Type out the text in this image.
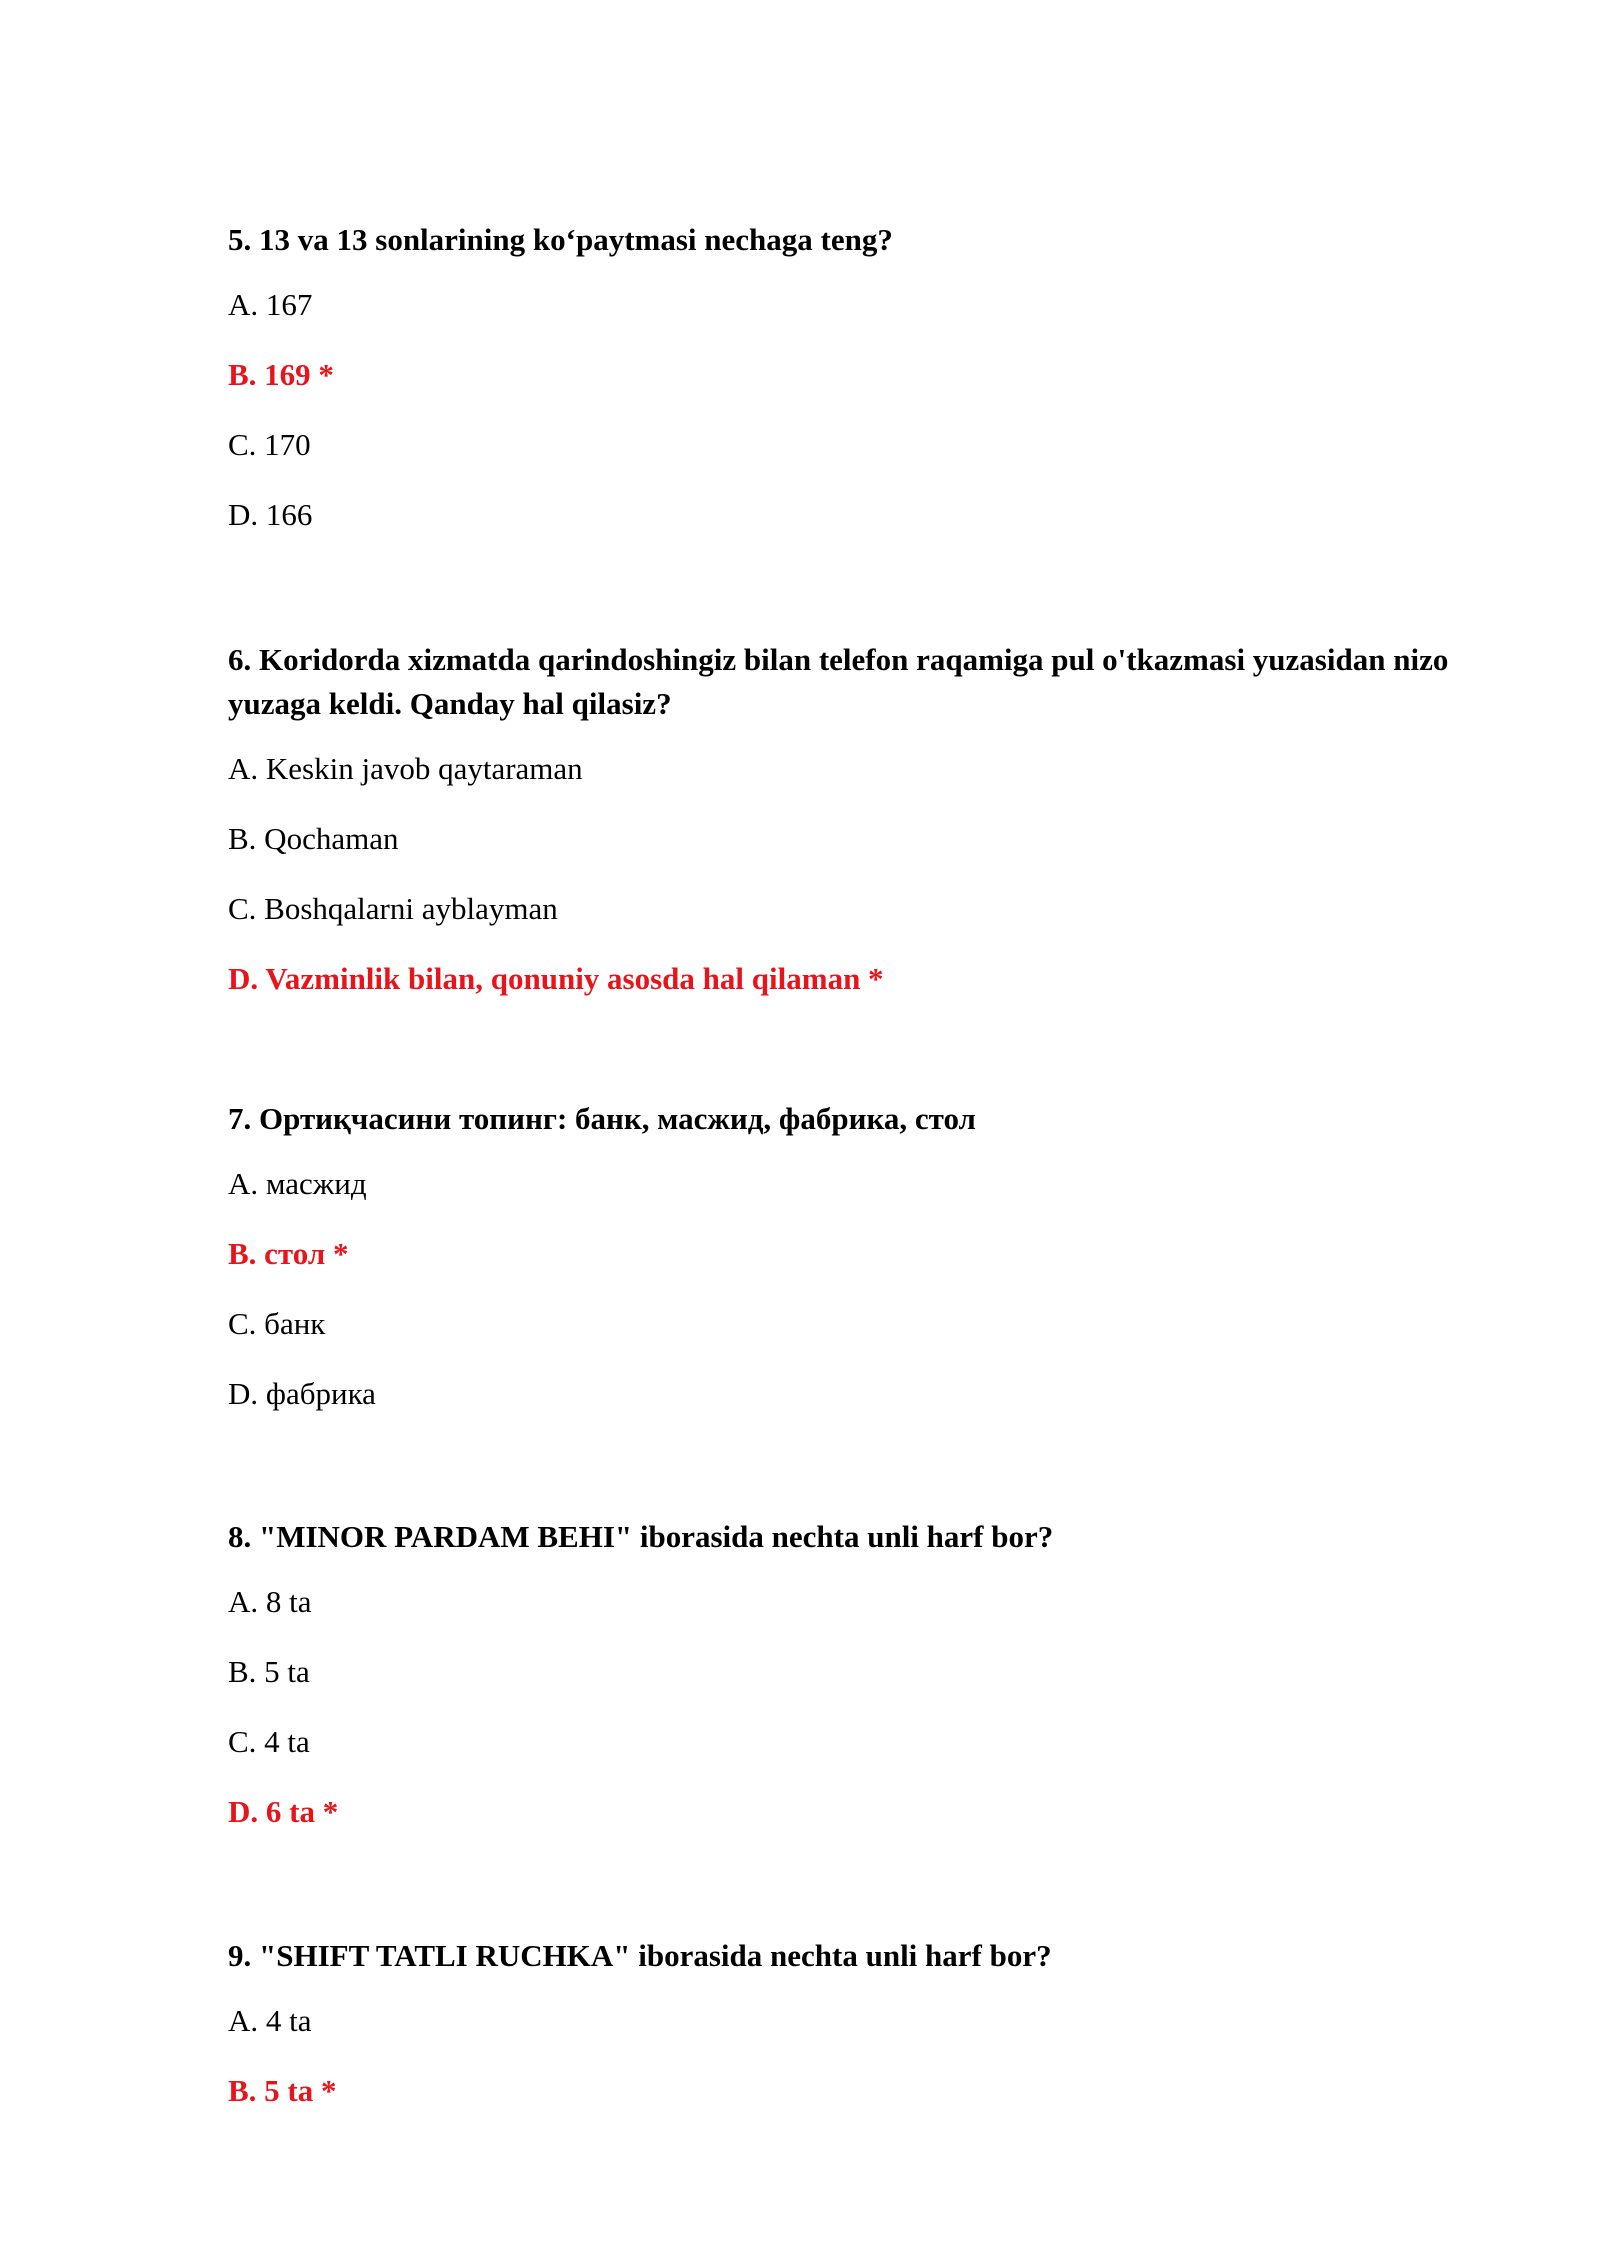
5. 13 va 13 sonlarining ko‘paytmasi nechaga teng?

A. 167

B. 169 *

C. 170

D. 166

6. Koridorda xizmatda qarindoshingiz bilan telefon raqamiga pul o'tkazmasi yuzasidan nizo yuzaga keldi. Qanday hal qilasiz?

A. Keskin javob qaytaraman

B. Qochaman

C. Boshqalarni ayblayman

D. Vazminlik bilan, qonuniy asosda hal qilaman *

7. Ортиқчасини топинг: банк, масжид, фабрика, стол

A. масжид

B. стол *

C. банк

D. фабрика

8. "MINOR PARDAM BEHI" iborasida nechta unli harf bor?

A. 8 ta

B. 5 ta

C. 4 ta

D. 6 ta *

9. "SHIFT TATLI RUCHKA" iborasida nechta unli harf bor?

A. 4 ta

B. 5 ta *
